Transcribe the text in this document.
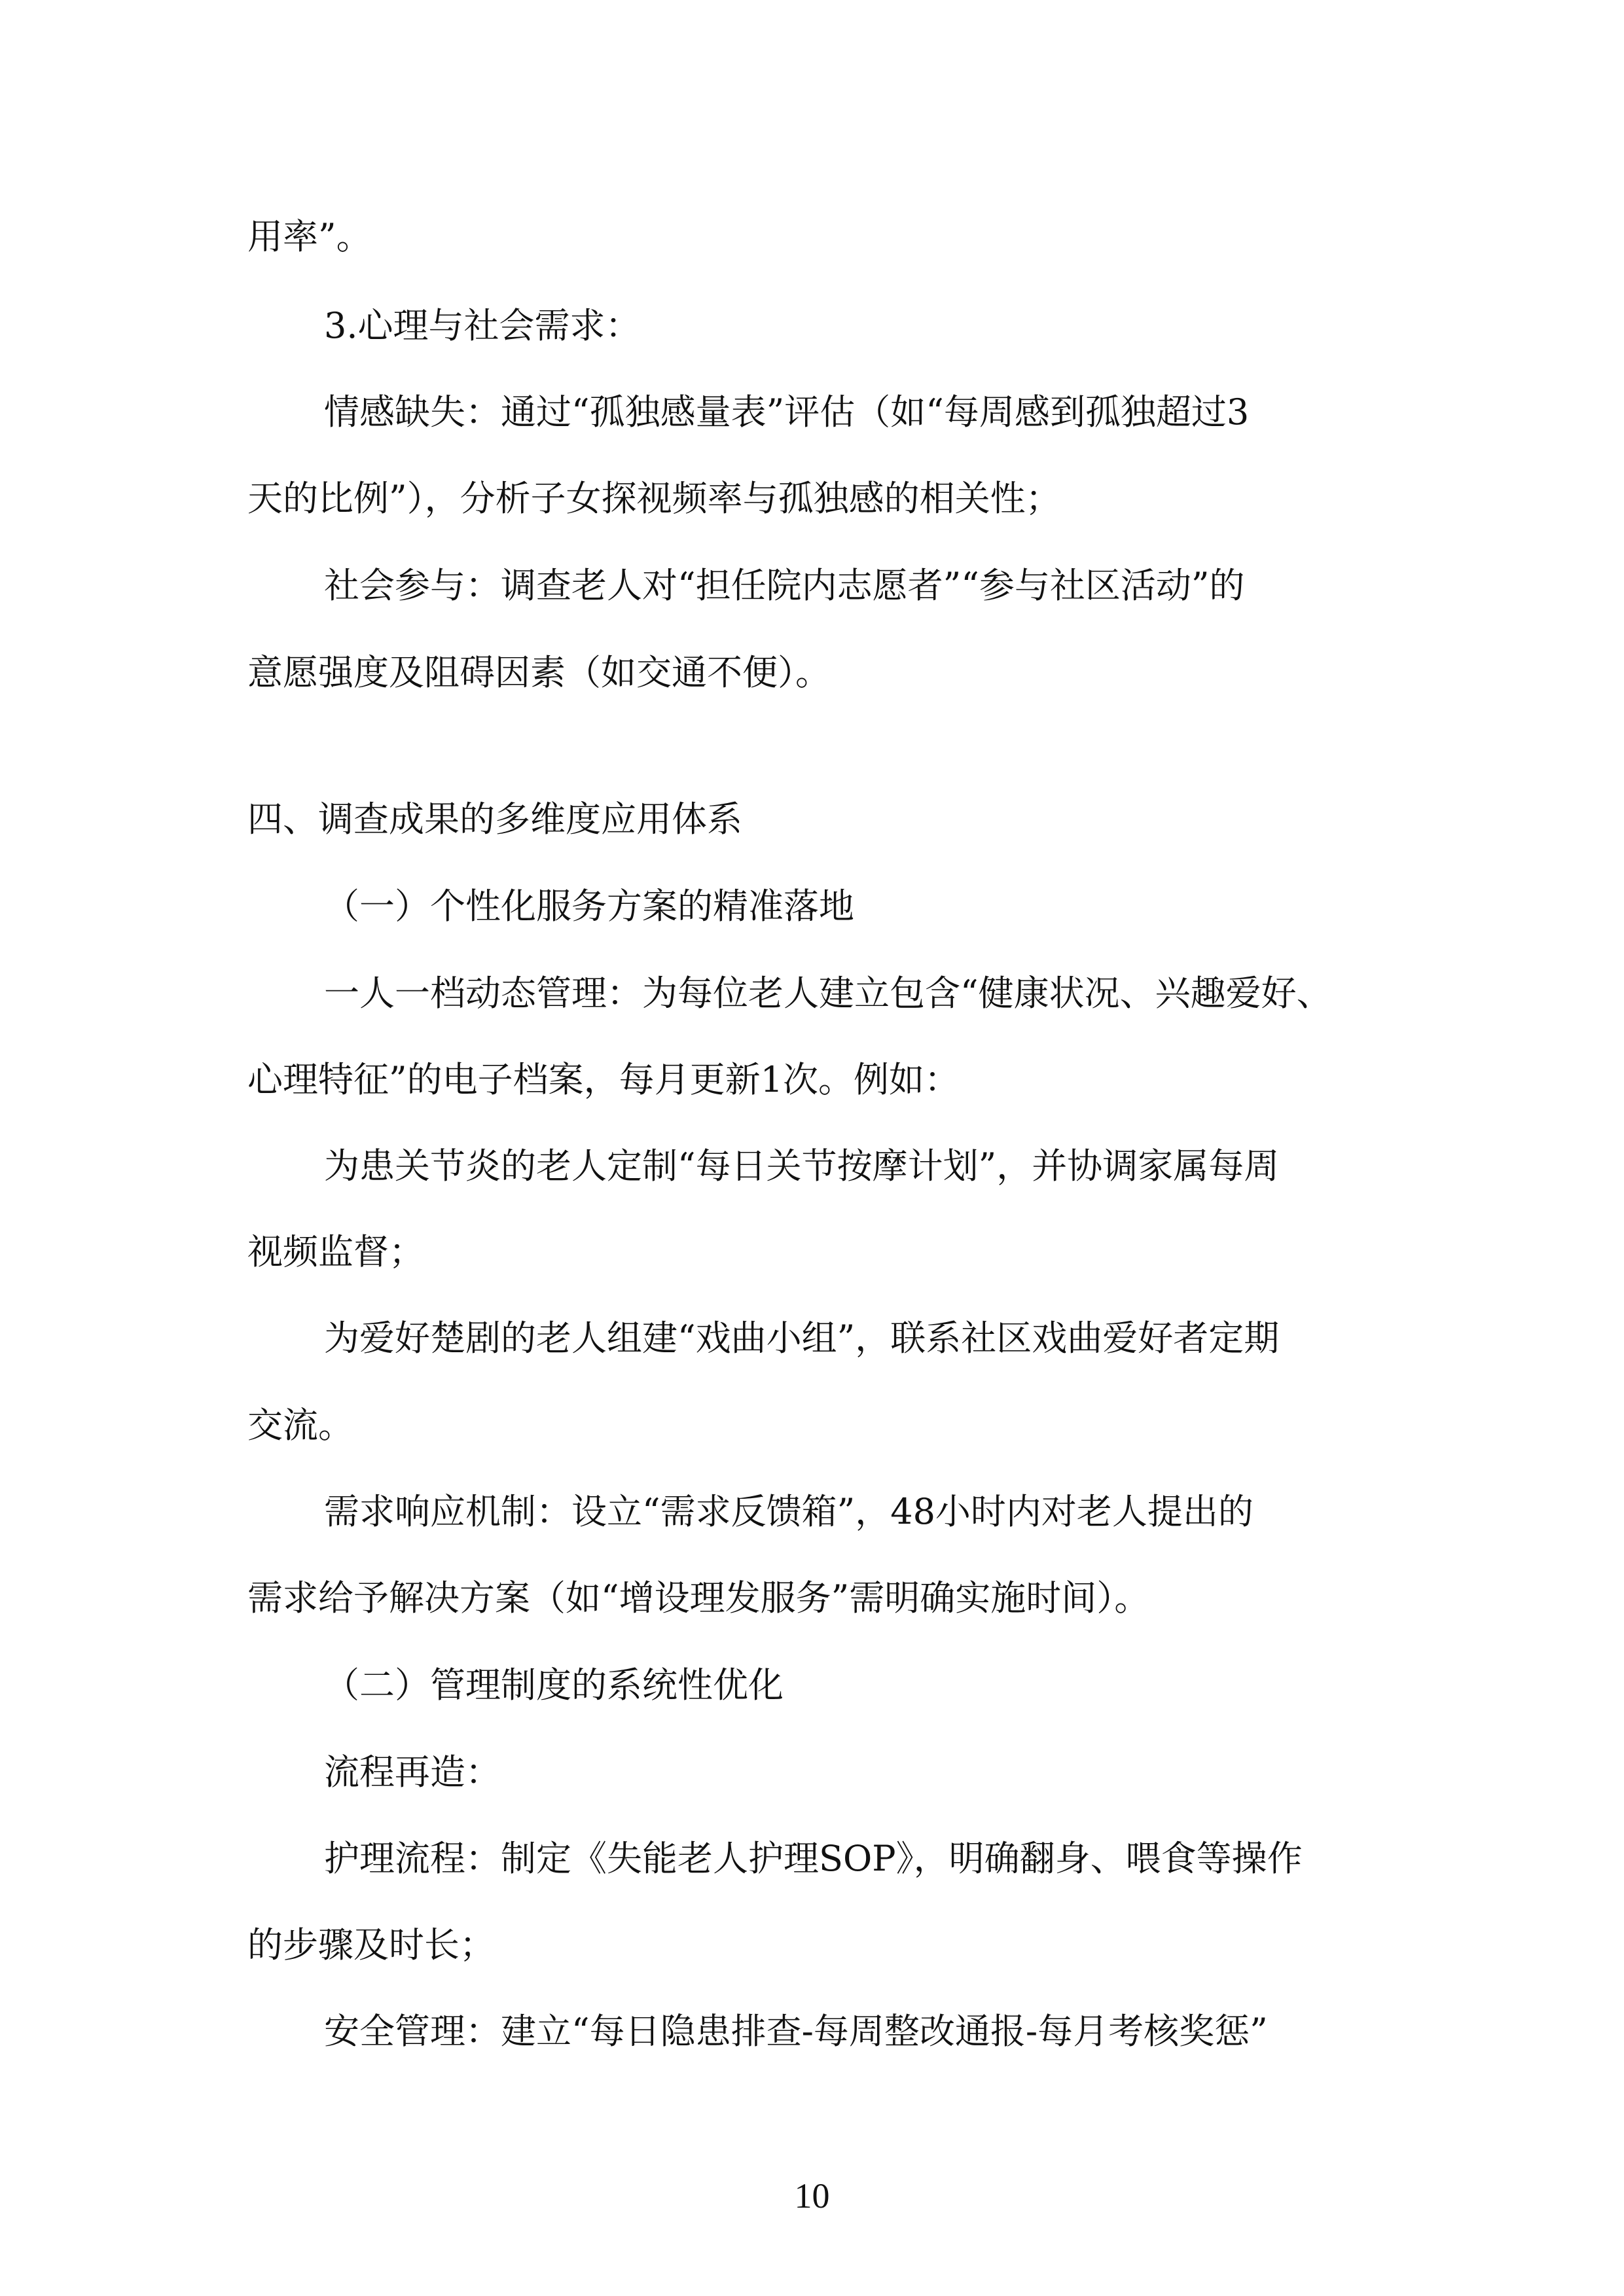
用率”。

3.心理与社会需求：

情感缺失：通过“孤独感量表”评估（如“每周感到孤独超过3

天的比例”），分析子女探视频率与孤独感的相关性；

社会参与：调查老人对“担任院内志愿者”“参与社区活动”的

意愿强度及阻碍因素（如交通不便）。

四、调查成果的多维度应用体系

（一）个性化服务方案的精准落地

一人一档动态管理：为每位老人建立包含“健康状况、兴趣爱好、

心理特征”的电子档案，每月更新1次。例如：

为患关节炎的老人定制“每日关节按摩计划”，并协调家属每周

视频监督；

为爱好楚剧的老人组建“戏曲小组”，联系社区戏曲爱好者定期

交流。

需求响应机制：设立“需求反馈箱”，48小时内对老人提出的

需求给予解决方案（如“增设理发服务”需明确实施时间）。

（二）管理制度的系统性优化

流程再造：

护理流程：制定《失能老人护理SOP》，明确翻身、喂食等操作

的步骤及时长；

安全管理：建立“每日隐患排查-每周整改通报-每月考核奖惩”

10
